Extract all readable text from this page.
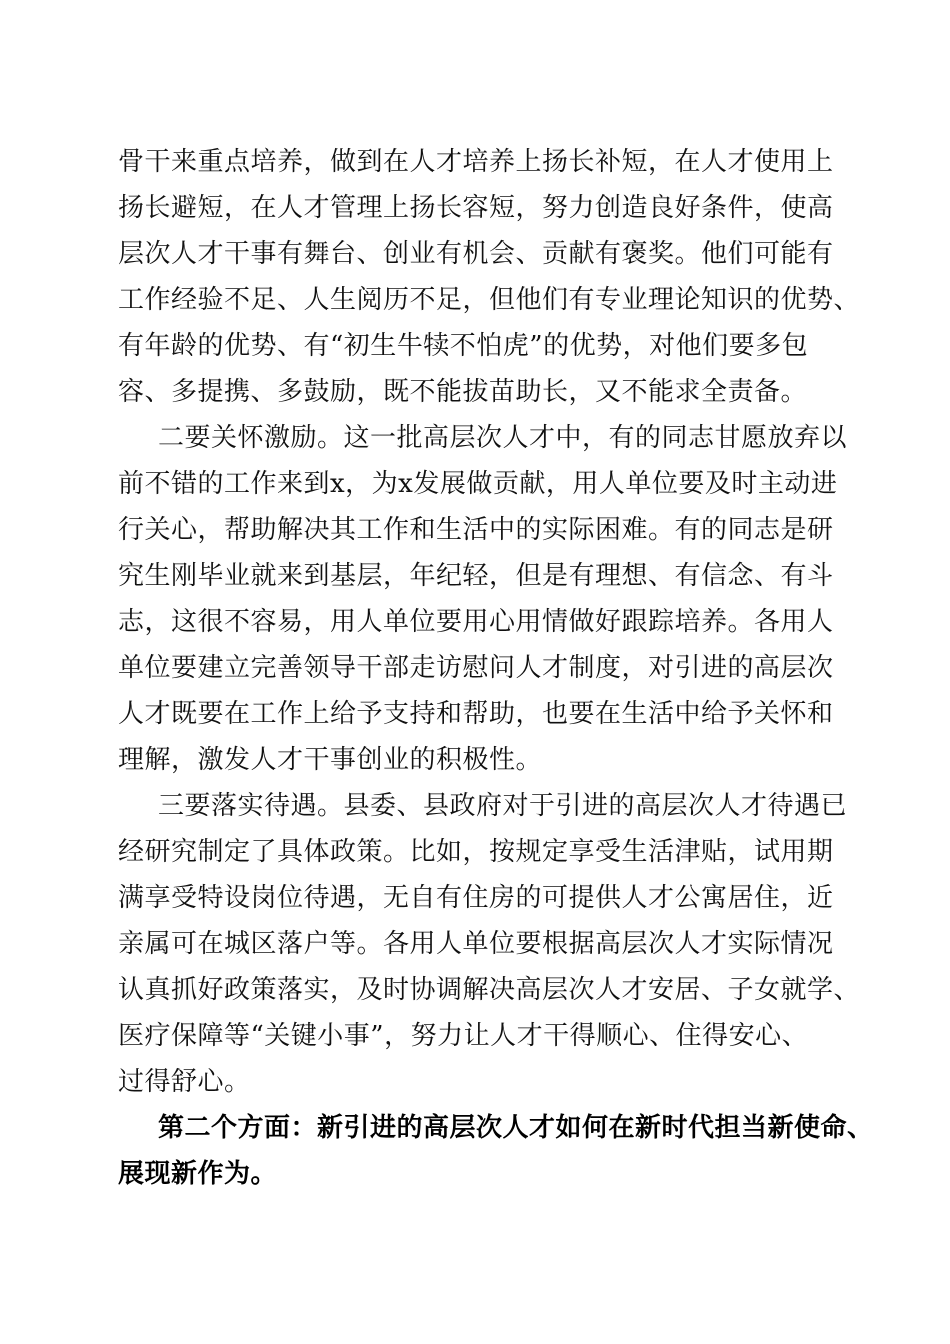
骨干来重点培养，做到在人才培养上扬长补短，在人才使用上
扬长避短，在人才管理上扬长容短，努力创造良好条件，使高
层次人才干事有舞台、创业有机会、贡献有褒奖。他们可能有
工作经验不足、人生阅历不足，但他们有专业理论知识的优势、
有年龄的优势、有“初生牛犊不怕虎”的优势，对他们要多包
容、多提携、多鼓励，既不能拔苗助长，又不能求全责备。
二要关怀激励。这一批高层次人才中，有的同志甘愿放弃以
前不错的工作来到x，为x发展做贡献，用人单位要及时主动进
行关心，帮助解决其工作和生活中的实际困难。有的同志是研
究生刚毕业就来到基层，年纪轻，但是有理想、有信念、有斗
志，这很不容易，用人单位要用心用情做好跟踪培养。各用人
单位要建立完善领导干部走访慰问人才制度，对引进的高层次
人才既要在工作上给予支持和帮助，也要在生活中给予关怀和
理解，激发人才干事创业的积极性。
三要落实待遇。县委、县政府对于引进的高层次人才待遇已
经研究制定了具体政策。比如，按规定享受生活津贴，试用期
满享受特设岗位待遇，无自有住房的可提供人才公寓居住，近
亲属可在城区落户等。各用人单位要根据高层次人才实际情况
认真抓好政策落实，及时协调解决高层次人才安居、子女就学、
医疗保障等“关键小事”，努力让人才干得顺心、住得安心、
过得舒心。
第二个方面：新引进的高层次人才如何在新时代担当新使命、
展现新作为。
